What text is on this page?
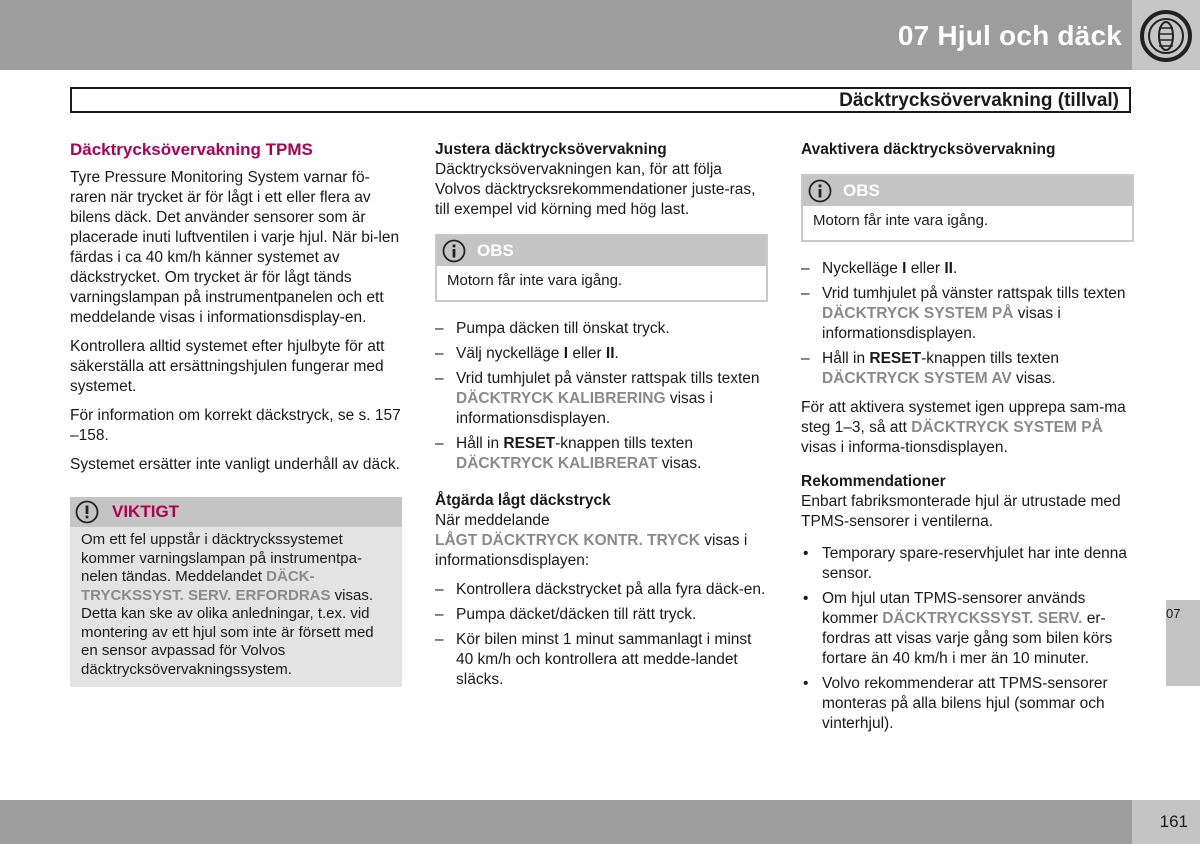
07 Hjul och däck
Däcktrycksövervakning (tillval)
Däcktrycksövervakning TPMS

Tyre Pressure Monitoring System varnar fö-raren när trycket är för lågt i ett eller flera av bilens däck. Det använder sensorer som är placerade inuti luftventilen i varje hjul. När bi-len färdas i ca 40 km/h känner systemet av däckstrycket. Om trycket är för lågt tänds varningslampan på instrumentpanelen och ett meddelande visas i informationsdisplay-en.

Kontrollera alltid systemet efter hjulbyte för att säkerställa att ersättningshjulen fungerar med systemet.

För information om korrekt däckstryck, se s. 157 –158.

Systemet ersätter inte vanligt underhåll av däck.

VIKTIGT
Om ett fel uppstår i däcktryckssystemet kommer varningslampan på instrumentpa-nelen tändas. Meddelandet DÄCK-TRYCKSSYST. SERV. ERFORDRAS visas. Detta kan ske av olika anledningar, t.ex. vid montering av ett hjul som inte är försett med en sensor avpassad för Volvos däcktrycksövervakningssystem.
Justera däcktrycksövervakning

Däcktrycksövervakningen kan, för att följa Volvos däcktrycksrekommendationer juste-ras, till exempel vid körning med hög last.

OBS
Motorn får inte vara igång.
– Pumpa däcken till önskat tryck.
– Välj nyckelläge I eller II.
– Vrid tumhjulet på vänster rattspak tills texten DÄCKTRYCK KALIBRERING visas i informationsdisplayen.
– Håll in RESET-knappen tills texten DÄCKTRYCK KALIBRERAT visas.
Åtgärda lågt däckstryck

När meddelande
LÅGT DÄCKTRYCK KONTR. TRYCK visas i informationsdisplayen:

– Kontrollera däckstrycket på alla fyra däck-en.
– Pumpa däcket/däcken till rätt tryck.
– Kör bilen minst 1 minut sammanlagt i minst 40 km/h och kontrollera att medde-landet släcks.
Avaktivera däcktrycksövervakning
OBS
Motorn får inte vara igång.
– Nyckelläge I eller II.
– Vrid tumhjulet på vänster rattspak tills texten DÄCKTRYCK SYSTEM PÅ visas i informationsdisplayen.
– Håll in RESET-knappen tills texten DÄCKTRYCK SYSTEM AV visas.

För att aktivera systemet igen upprepa sam-ma steg 1–3, så att DÄCKTRYCK SYSTEM PÅ visas i informa-tionsdisplayen.

Rekommendationer

Enbart fabriksmonterade hjul är utrustade med TPMS-sensorer i ventilerna.

• Temporary spare-reservhjulet har inte denna sensor.
• Om hjul utan TPMS-sensorer används kommer DÄCKTRYCKSSYST. SERV. er-fordras att visas varje gång som bilen körs fortare än 40 km/h i mer än 10 minuter.
• Volvo rekommenderar att TPMS-sensorer monteras på alla bilens hjul (sommar och vinterhjul).
07
161
